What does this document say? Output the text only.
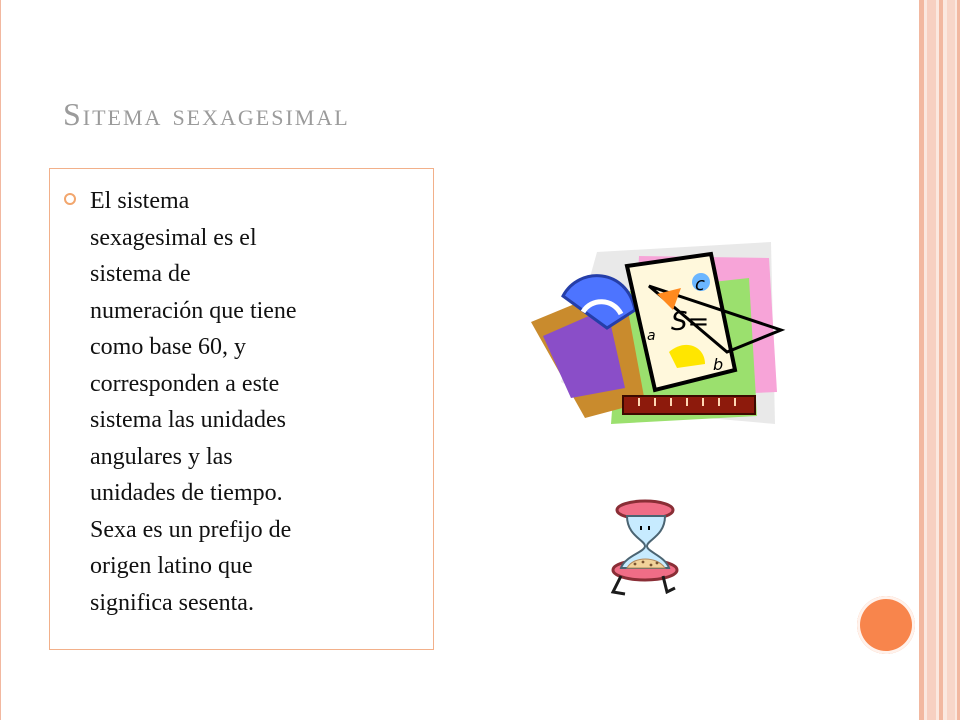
Sitema sexagesimal
El sistema
sexagesimal es el
sistema de
numeración que tiene
como base 60, y
corresponden a este
sistema las unidades
angulares y las
unidades de tiempo.
Sexa es un prefijo de
origen latino que
significa sesenta.
c
S=
a
b
